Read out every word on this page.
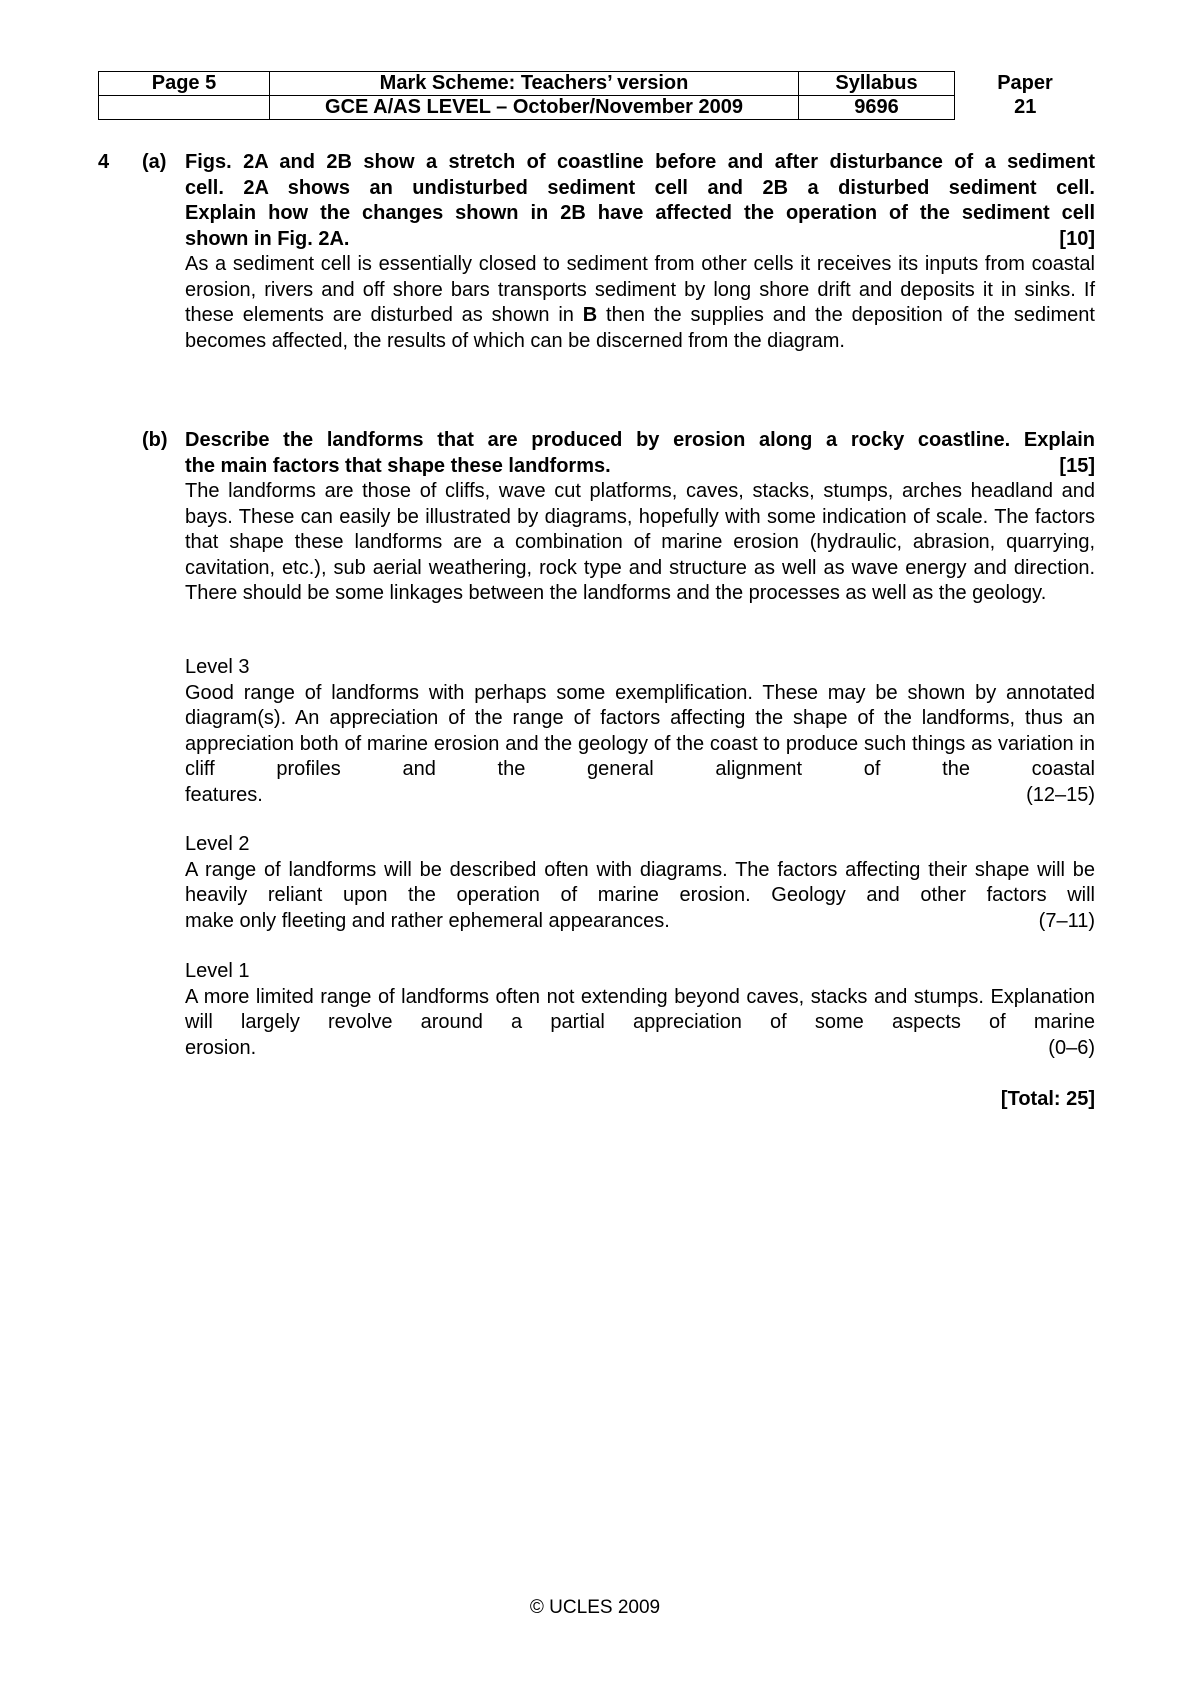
Page 5	Mark Scheme: Teachers’ version	Syllabus	Paper
	GCE A/AS LEVEL – October/November 2009	9696	21
4 (a) Figs. 2A and 2B show a stretch of coastline before and after disturbance of a sediment

cell. 2A shows an undisturbed sediment cell and 2B a disturbed sediment cell.

Explain how the changes shown in 2B have affected the operation of the sediment cell

shown in Fig. 2A.	[10]

As a sediment cell is essentially closed to sediment from other cells it receives its inputs from coastal erosion, rivers and off shore bars transports sediment by long shore drift and deposits it in sinks. If these elements are disturbed as shown in B then the supplies and the deposition of the sediment becomes affected, the results of which can be discerned from the diagram.

(b) Describe the landforms that are produced by erosion along a rocky coastline. Explain

the main factors that shape these landforms.	[15]

The landforms are those of cliffs, wave cut platforms, caves, stacks, stumps, arches headland and bays. These can easily be illustrated by diagrams, hopefully with some indication of scale. The factors that shape these landforms are a combination of marine erosion (hydraulic, abrasion, quarrying, cavitation, etc.), sub aerial weathering, rock type and structure as well as wave energy and direction. There should be some linkages between the landforms and the processes as well as the geology.

Level 3

Good range of landforms with perhaps some exemplification. These may be shown by annotated diagram(s). An appreciation of the range of factors affecting the shape of the landforms, thus an appreciation both of marine erosion and the geology of the coast to produce such things as variation in cliff profiles and the general alignment of the coastal

features.	(12–15)

Level 2

A range of landforms will be described often with diagrams. The factors affecting their shape will be heavily reliant upon the operation of marine erosion. Geology and other factors will

make only fleeting and rather ephemeral appearances.	(7–11)

Level 1

A more limited range of landforms often not extending beyond caves, stacks and stumps. Explanation will largely revolve around a partial appreciation of some aspects of marine

erosion.	(0–6)
[Total: 25]
© UCLES 2009
